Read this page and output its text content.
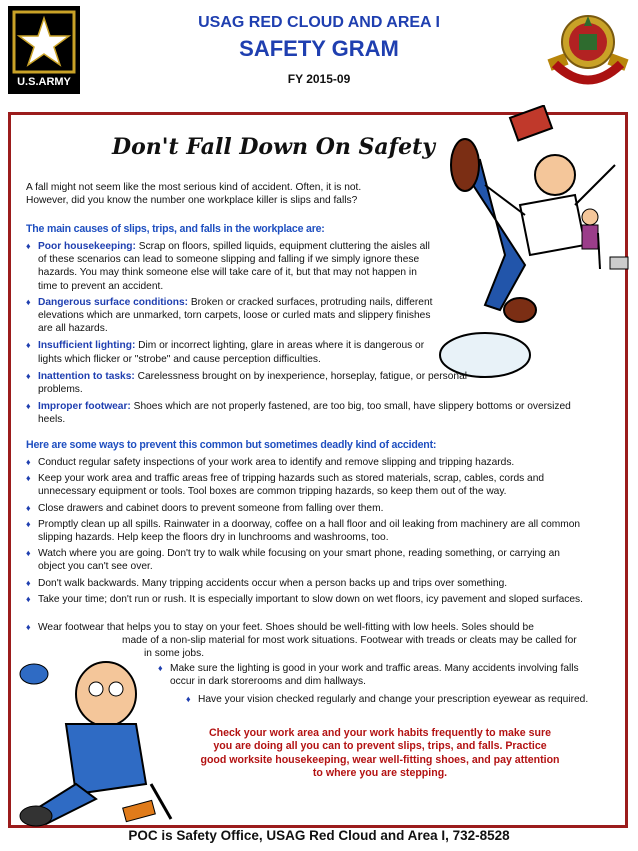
U.S.ARMY
USAG RED CLOUD AND AREA I
SAFETY GRAM
FY 2015-09
Don't Fall Down On Safety
A fall might not seem like the most serious kind of accident. Often, it is not.
However, did you know the number one workplace killer is slips and falls?
The main causes of slips, trips, and falls in the workplace are:
♦ Poor housekeeping: Scrap on floors, spilled liquids, equipment cluttering the aisles all of these scenarios can lead to someone slipping and falling if we simply ignore these hazards. You may think someone else will take care of it, but that may not happen in time to prevent an accident.
♦ Dangerous surface conditions: Broken or cracked surfaces, protruding nails, different elevations which are unmarked, torn carpets, loose or curled mats and slippery finishes are all hazards.
♦ Insufficient lighting: Dim or incorrect lighting, glare in areas where it is dangerous or lights which flicker or "strobe" and cause perception difficulties.
♦ Inattention to tasks: Carelessness brought on by inexperience, horseplay, fatigue, or personal problems.
♦ Improper footwear: Shoes which are not properly fastened, are too big, too small, have slippery bottoms or oversized heels.
Here are some ways to prevent this common but sometimes deadly kind of accident:
♦ Conduct regular safety inspections of your work area to identify and remove slipping and tripping hazards.
♦ Keep your work area and traffic areas free of tripping hazards such as stored materials, scrap, cables, cords and unnecessary equipment or tools. Tool boxes are common tripping hazards, so keep them out of the way.
♦ Close drawers and cabinet doors to prevent someone from falling over them.
♦ Promptly clean up all spills. Rainwater in a doorway, coffee on a hall floor and oil leaking from machinery are all common slipping hazards. Help keep the floors dry in lunchrooms and washrooms, too.
♦ Watch where you are going. Don't try to walk while focusing on your smart phone, reading something, or carrying an object you can't see over.
♦ Don't walk backwards. Many tripping accidents occur when a person backs up and trips over something.
♦ Take your time; don't run or rush. It is especially important to slow down on wet floors, icy pavement and sloped surfaces.
♦ Wear footwear that helps you to stay on your feet. Shoes should be well-fitting with low heels. Soles should be
made of a non-slip material for most work situations. Footwear with treads or cleats may be called for
in some jobs.
♦ Make sure the lighting is good in your work and traffic areas. Many accidents involving falls
occur in dark storerooms and dim hallways.
♦ Have your vision checked regularly and change your prescription eyewear as required.
Check your work area and your work habits frequently to make sure you are doing all you can to prevent slips, trips, and falls. Practice good worksite housekeeping, wear well-fitting shoes, and pay attention to where you are stepping.
POC is Safety Office, USAG Red Cloud and Area I, 732-8528
